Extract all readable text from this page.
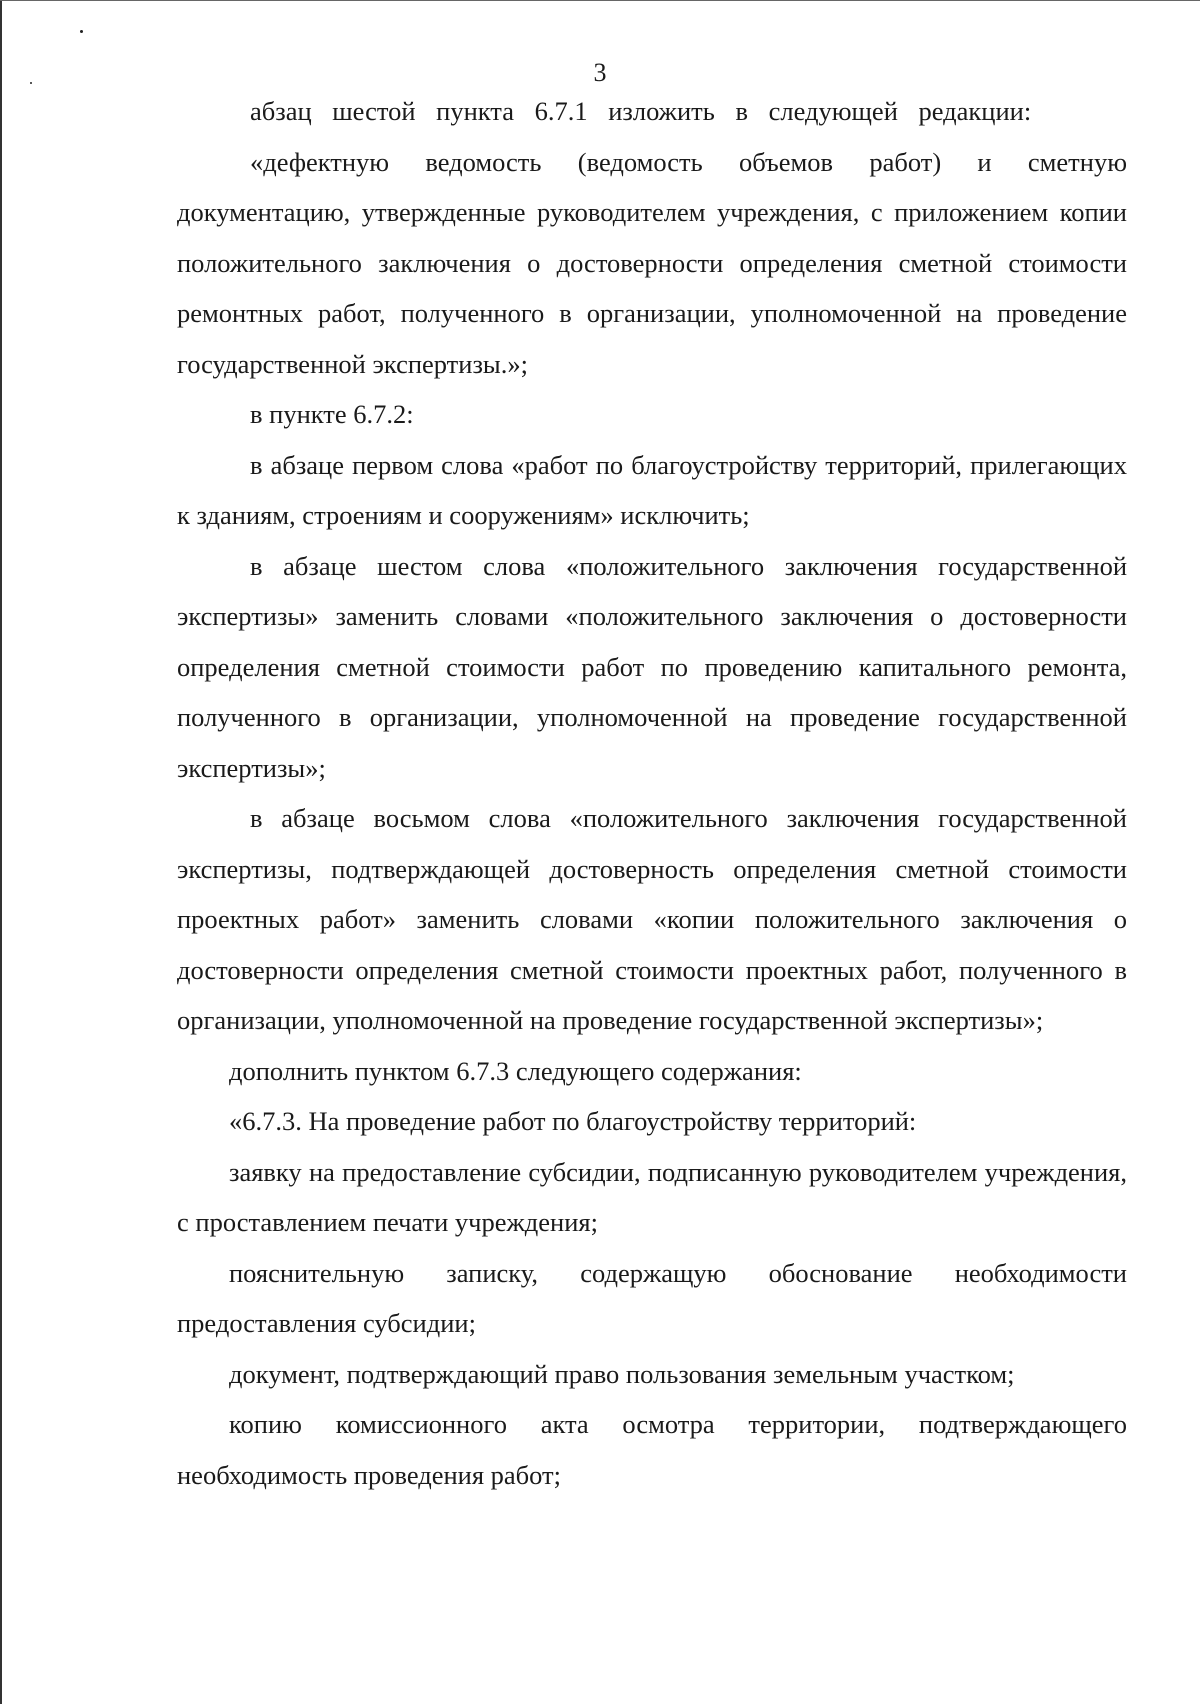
3

абзац шестой пункта 6.7.1 изложить в следующей редакции:

«дефектную ведомость (ведомость объемов работ) и сметную документацию, утвержденные руководителем учреждения, с приложением копии положительного заключения о достоверности определения сметной стоимости ремонтных работ, полученного в организации, уполномоченной на проведение государственной экспертизы.»;

в пункте 6.7.2:

в абзаце первом слова «работ по благоустройству территорий, прилегающих к зданиям, строениям и сооружениям» исключить;

в абзаце шестом слова «положительного заключения государственной экспертизы» заменить словами «положительного заключения о достоверности определения сметной стоимости работ по проведению капитального ремонта, полученного в организации, уполномоченной на проведение государственной экспертизы»;

в абзаце восьмом слова «положительного заключения государственной экспертизы, подтверждающей достоверность определения сметной стоимости проектных работ» заменить словами «копии положительного заключения о достоверности определения сметной стоимости проектных работ, полученного в организации, уполномоченной на проведение государственной экспертизы»;

дополнить пунктом 6.7.3 следующего содержания:

«6.7.3. На проведение работ по благоустройству территорий:

заявку на предоставление субсидии, подписанную руководителем учреждения, с проставлением печати учреждения;

пояснительную записку, содержащую обоснование необходимости предоставления субсидии;

документ, подтверждающий право пользования земельным участком;

копию комиссионного акта осмотра территории, подтверждающего необходимость проведения работ;
